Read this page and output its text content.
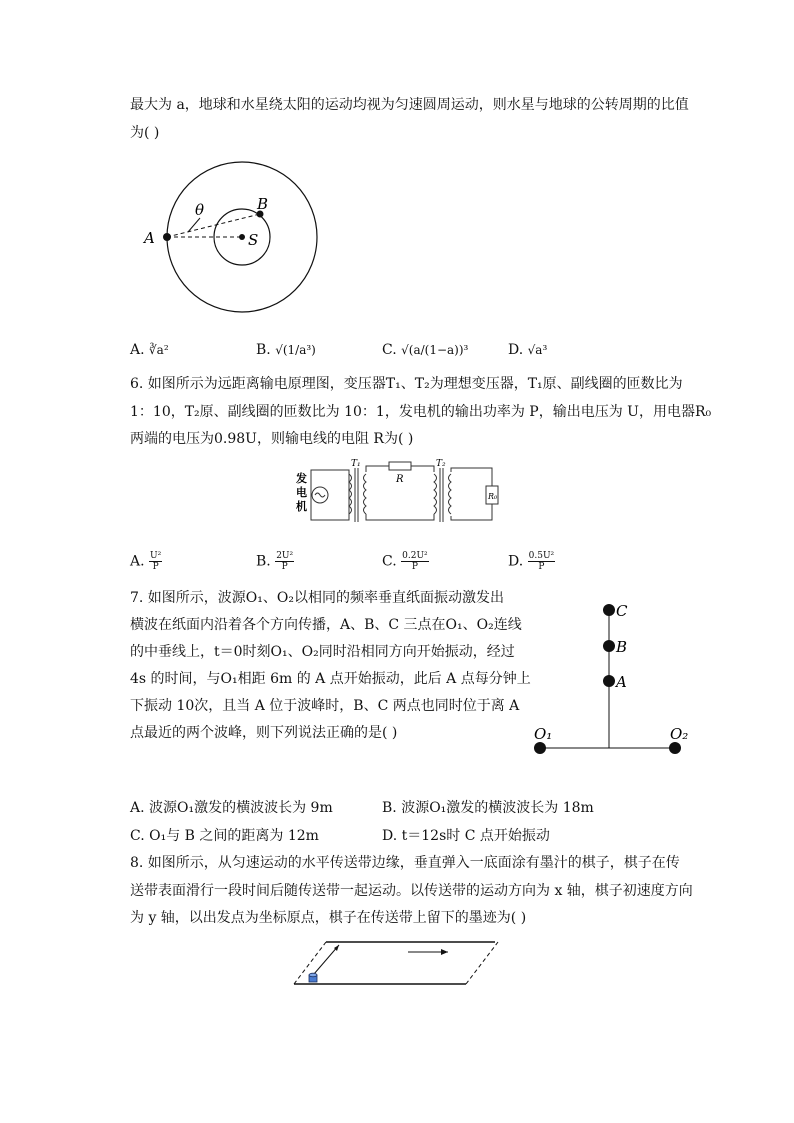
最大为 a，地球和水星绕太阳的运动均视为匀速圆周运动，则水星与地球的公转周期的比值
为( )
θ
A
B
S
A. ∛a²	B. √(1/a³)	C. √(a/(1−a))³	D. √a³
6. 如图所示为远距离输电原理图，变压器T₁、T₂为理想变压器，T₁原、副线圈的匝数比为
1：10，T₂原、副线圈的匝数比为 10：1，发电机的输出功率为 P，输出电压为 U，用电器R₀
两端的电压为0.98U，则输电线的电阻 R为( )
发
电
机
T₁
R
T₂
R₀
A. $\frac{\text{U²}}{P}$	B. $\frac{\text{2U²}}{P}$	C. $\frac{\text{0.2U²}}{P}$	D. $\frac{\text{0.5U²}}{P}$
7. 如图所示，波源O₁、O₂以相同的频率垂直纸面振动激发出
横波在纸面内沿着各个方向传播，A、B、C 三点在O₁、O₂连线
的中垂线上，t＝0时刻O₁、O₂同时沿相同方向开始振动，经过
4s 的时间，与O₁相距 6m 的 A 点开始振动，此后 A 点每分钟上
下振动 10次，且当 A 位于波峰时，B、C 两点也同时位于离 A
点最近的两个波峰，则下列说法正确的是( )
C
B
A
O₁	O₂
A. 波源O₁激发的横波波长为 9m	B. 波源O₁激发的横波波长为 18m
C. O₁与 B 之间的距离为 12m	D. t＝12s时 C 点开始振动
8. 如图所示，从匀速运动的水平传送带边缘，垂直弹入一底面涂有墨汁的棋子，棋子在传
送带表面滑行一段时间后随传送带一起运动。以传送带的运动方向为 x 轴，棋子初速度方向
为 y 轴，以出发点为坐标原点，棋子在传送带上留下的墨迹为( )
